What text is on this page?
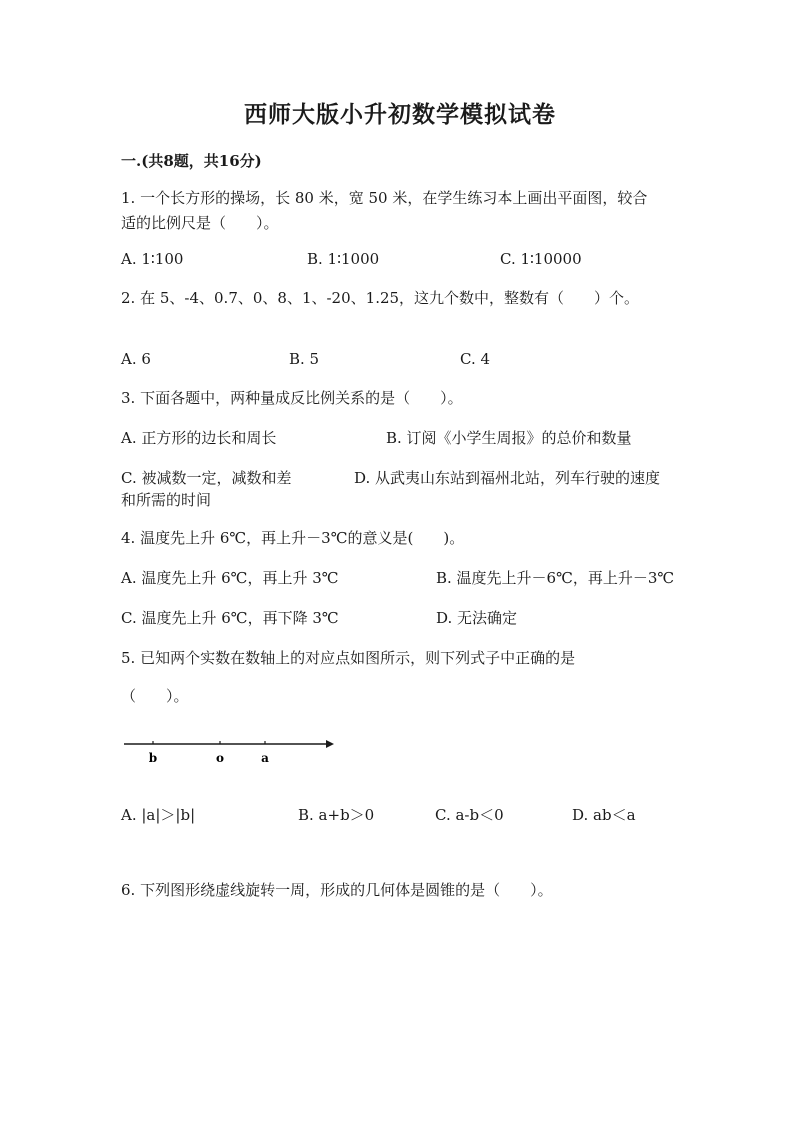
西师大版小升初数学模拟试卷
一.(共8题，共16分)
1. 一个长方形的操场，长 80 米，宽 50 米，在学生练习本上画出平面图，较合
适的比例尺是（　　）。
A. 1∶100	B. 1∶1000	C. 1∶10000
2. 在 5、-4、0.7、0、8、1、-20、1.25，这九个数中，整数有（　　）个。
A. 6	B. 5	C. 4
3. 下面各题中，两种量成反比例关系的是（　　）。
A. 正方形的边长和周长	B. 订阅《小学生周报》的总价和数量
C. 被减数一定，减数和差	D. 从武夷山东站到福州北站，列车行驶的速度
和所需的时间
4. 温度先上升 6℃，再上升－3℃的意义是(　　)。
A. 温度先上升 6℃，再上升 3℃	B. 温度先上升－6℃，再上升－3℃
C. 温度先上升 6℃，再下降 3℃	D. 无法确定
5. 已知两个实数在数轴上的对应点如图所示，则下列式子中正确的是
（　　）。
b	o	a
A. |a|＞|b|	B. a+b＞0	C. a-b＜0	D. ab＜a
6. 下列图形绕虚线旋转一周，形成的几何体是圆锥的是（　　）。
